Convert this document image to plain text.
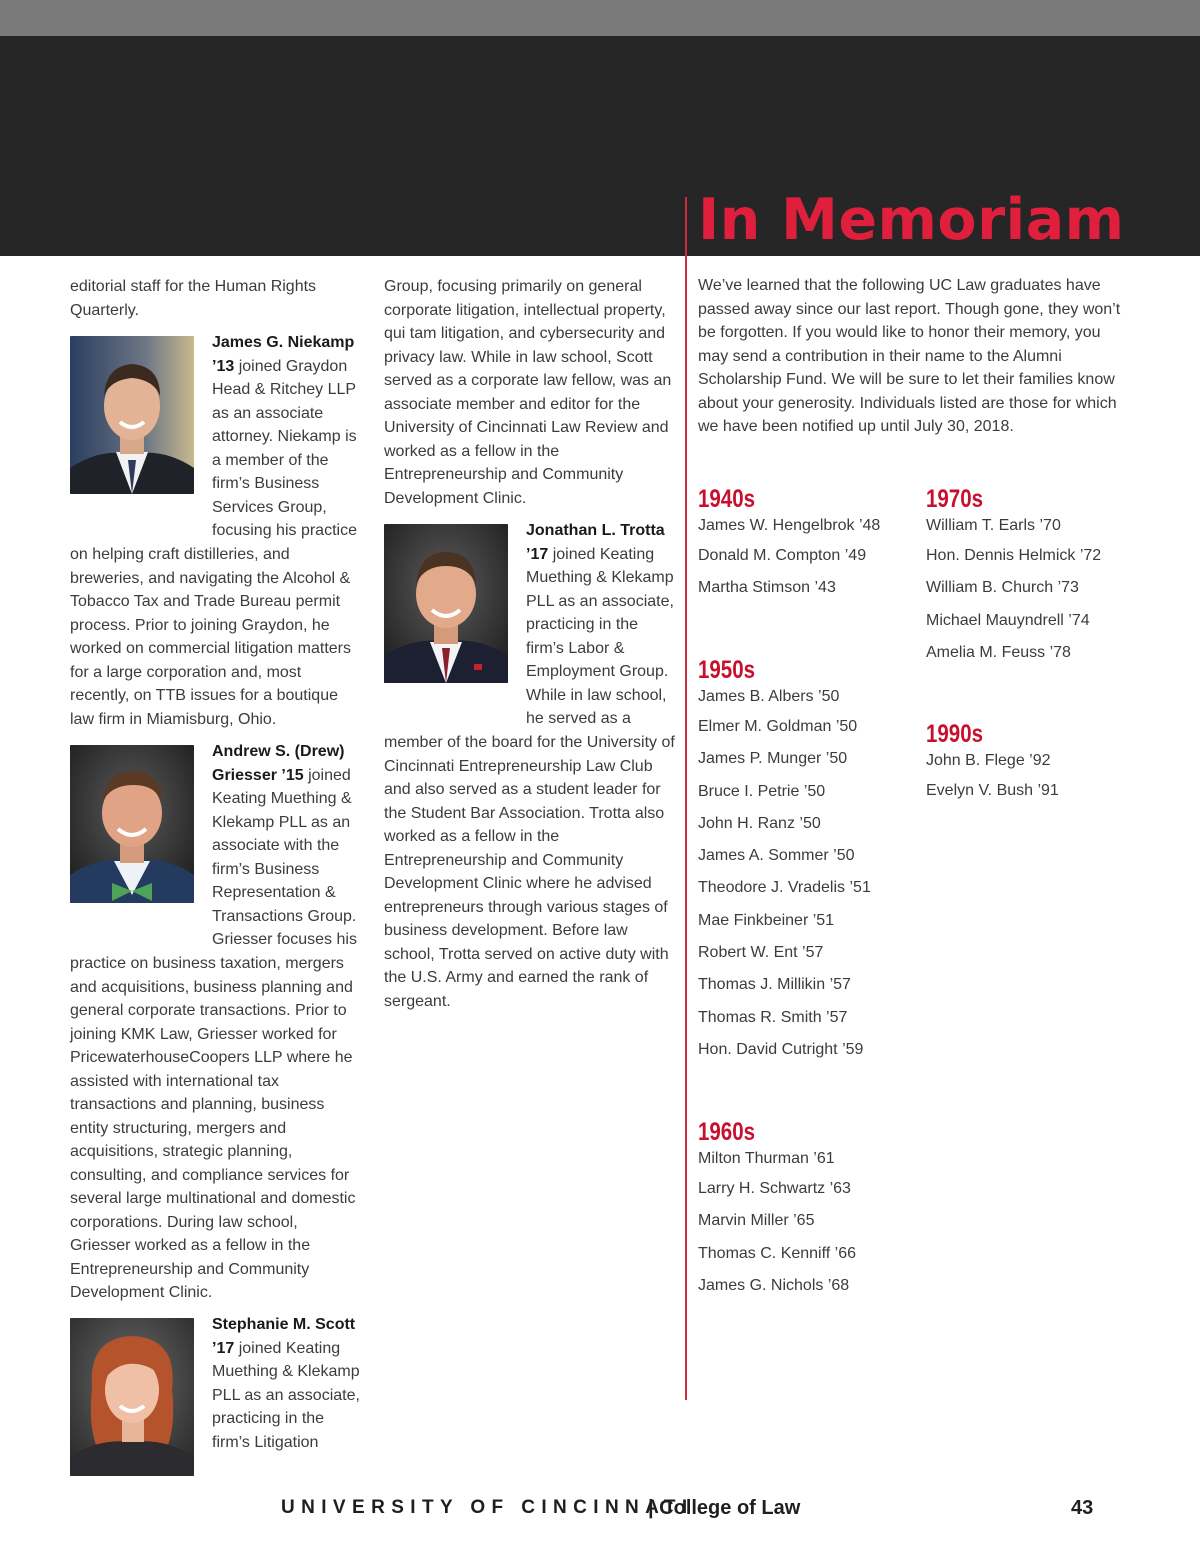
In Memoriam

editorial staff for the Human Rights Quarterly.

James G. Niekamp ’13 joined Graydon Head & Ritchey LLP as an associate attorney. Niekamp is a member of the firm’s Business Services Group, focusing his practice

on helping craft distilleries, and breweries, and navigating the Alcohol & Tobacco Tax and Trade Bureau permit process. Prior to joining Graydon, he worked on commercial litigation matters for a large corporation and, most recently, on TTB issues for a boutique law firm in Miamisburg, Ohio.

Andrew S. (Drew) Griesser ’15 joined Keating Muething & Klekamp PLL as an associate with the firm’s Business Representation & Transactions Group. Griesser focuses his

practice on business taxation, mergers and acquisitions, business planning and general corporate transactions. Prior to joining KMK Law, Griesser worked for PricewaterhouseCoopers LLP where he assisted with international tax transactions and planning, business entity structuring, mergers and acquisitions, strategic planning, consulting, and compliance services for several large multinational and domestic corporations. During law school, Griesser worked as a fellow in the Entrepreneurship and Community Development Clinic.

Stephanie M. Scott ’17 joined Keating Muething & Klekamp PLL as an associate, practicing in the firm’s Litigation

Group, focusing primarily on general corporate litigation, intellectual property, qui tam litigation, and cybersecurity and privacy law. While in law school, Scott served as a corporate law fellow, was an associate member and editor for the University of Cincinnati Law Review and worked as a fellow in the Entrepreneurship and Community Development Clinic.

Jonathan L. Trotta ’17 joined Keating Muething & Klekamp PLL as an associate, practicing in the firm’s Labor & Employment Group. While in law school, he served as a

member of the board for the University of Cincinnati Entrepreneurship Law Club and also served as a student leader for the Student Bar Association. Trotta also worked as a fellow in the Entrepreneurship and Community Development Clinic where he advised entrepreneurs through various stages of business development. Before law school, Trotta served on active duty with the U.S. Army and earned the rank of sergeant.

We’ve learned that the following UC Law graduates have passed away since our last report. Though gone, they won’t be forgotten. If you would like to honor their memory, you may send a contribution in their name to the Alumni Scholarship Fund. We will be sure to let their families know about your generosity. Individuals listed are those for which we have been notified up until July 30, 2018.

1940s
James W. Hengelbrok ’48
Donald M. Compton ’49
Martha Stimson ’43
1950s
James B. Albers ’50
Elmer M. Goldman ’50
James P. Munger ’50
Bruce I. Petrie ’50
John H. Ranz ’50
James A. Sommer ’50
Theodore J. Vradelis ’51
Mae Finkbeiner ’51
Robert W. Ent ’57
Thomas J. Millikin ’57
Thomas R. Smith ’57
Hon. David Cutright ’59
1960s
Milton Thurman ’61
Larry H. Schwartz ’63
Marvin Miller ’65
Thomas C. Kenniff ’66
James G. Nichols ’68
1970s
William T. Earls ’70
Hon. Dennis Helmick ’72
William B. Church ’73
Michael Mauyndrell ’74
Amelia M. Feuss ’78
1990s
John B. Flege ’92
Evelyn V. Bush ’91

UNIVERSITY OF CINCINNATI

| College of Law	43
